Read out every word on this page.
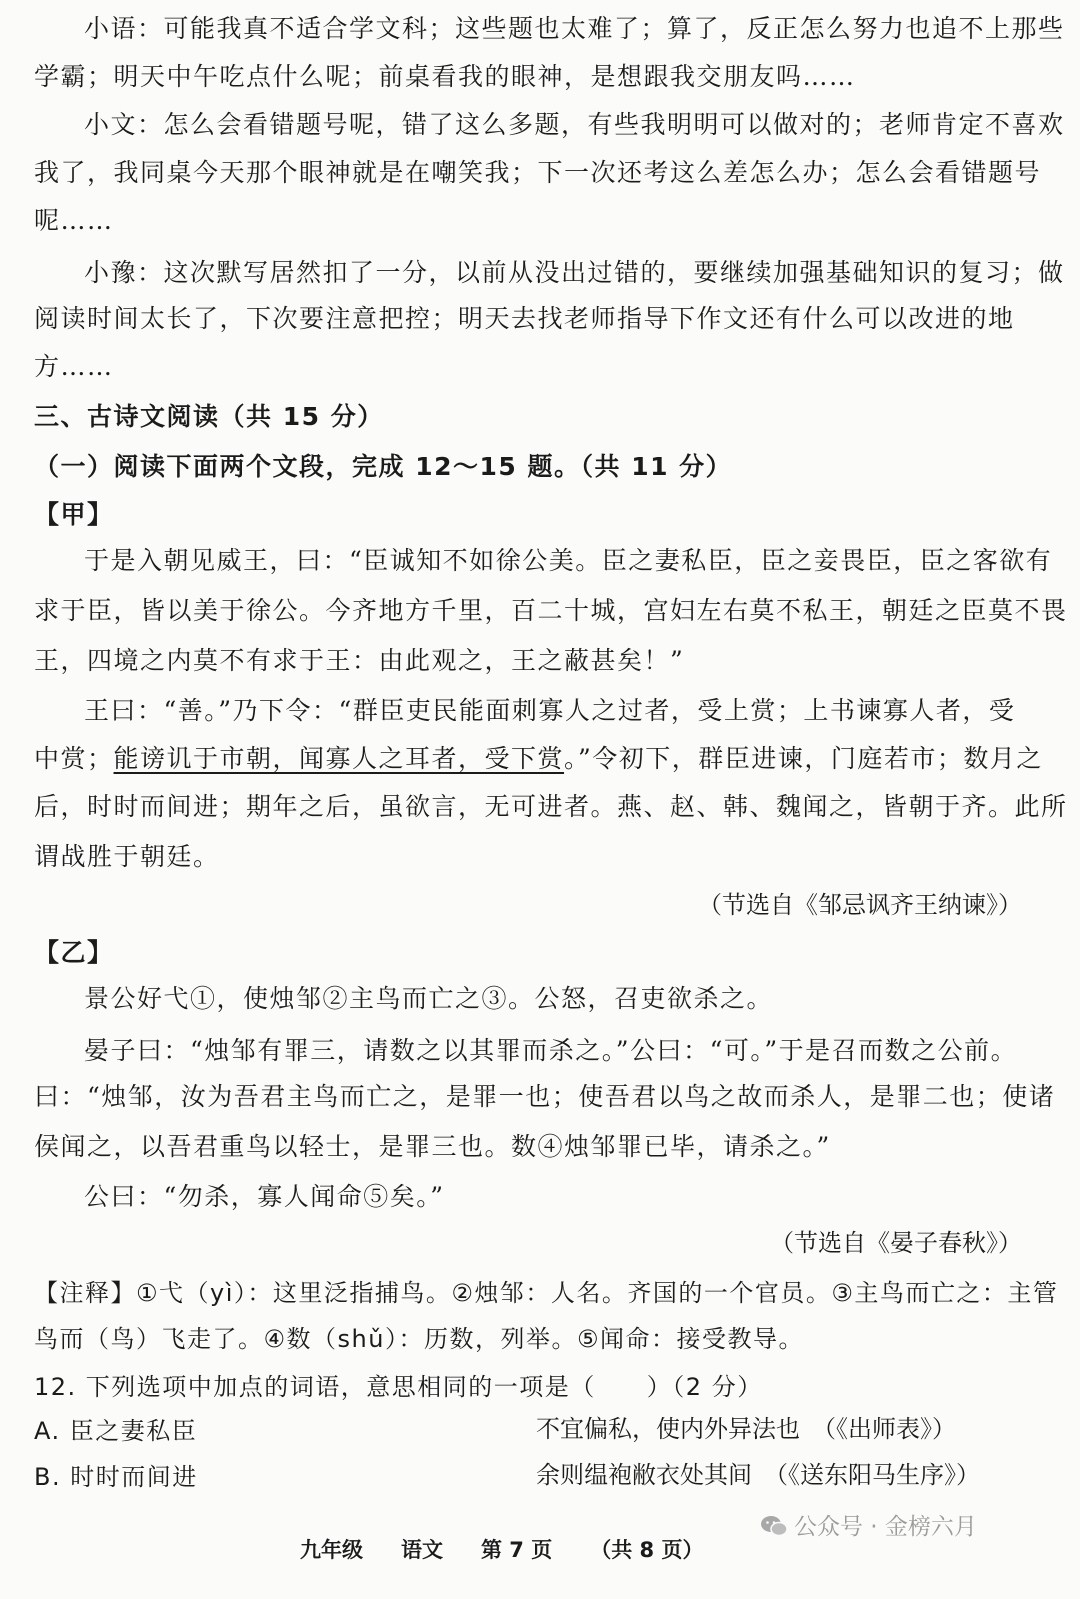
小语：可能我真不适合学文科；这些题也太难了；算了，反正怎么努力也追不上那些
学霸；明天中午吃点什么呢；前桌看我的眼神，是想跟我交朋友吗……
小文：怎么会看错题号呢，错了这么多题，有些我明明可以做对的；老师肯定不喜欢
我了，我同桌今天那个眼神就是在嘲笑我；下一次还考这么差怎么办；怎么会看错题号
呢……
小豫：这次默写居然扣了一分，以前从没出过错的，要继续加强基础知识的复习；做
阅读时间太长了，下次要注意把控；明天去找老师指导下作文还有什么可以改进的地
方……
三、古诗文阅读（共 15 分）
（一）阅读下面两个文段，完成 12～15 题。（共 11 分）
【甲】
于是入朝见威王，曰：“臣诚知不如徐公美。臣之妻私臣，臣之妾畏臣，臣之客欲有
求于臣，皆以美于徐公。今齐地方千里，百二十城，宫妇左右莫不私王，朝廷之臣莫不畏
王，四境之内莫不有求于王：由此观之，王之蔽甚矣！”
王曰：“善。”乃下令：“群臣吏民能面刺寡人之过者，受上赏；上书谏寡人者，受
中赏；能谤讥于市朝，闻寡人之耳者，受下赏。”令初下，群臣进谏，门庭若市；数月之
后，时时而间进；期年之后，虽欲言，无可进者。燕、赵、韩、魏闻之，皆朝于齐。此所
谓战胜于朝廷。
（节选自《邹忌讽齐王纳谏》）
【乙】
景公好弋①，使烛邹②主鸟而亡之③。公怒，召吏欲杀之。
晏子曰：“烛邹有罪三，请数之以其罪而杀之。”公曰：“可。”于是召而数之公前。
曰：“烛邹，汝为吾君主鸟而亡之，是罪一也；使吾君以鸟之故而杀人，是罪二也；使诸
侯闻之，以吾君重鸟以轻士，是罪三也。数④烛邹罪已毕，请杀之。”
公曰：“勿杀，寡人闻命⑤矣。”
（节选自《晏子春秋》）
【注释】①弋（yì）：这里泛指捕鸟。②烛邹：人名。齐国的一个官员。③主鸟而亡之：主管
鸟而（鸟）飞走了。④数（shǔ）：历数，列举。⑤闻命：接受教导。
12. 下列选项中加点的词语，意思相同的一项是（　　）（2 分）
A. 臣之妻私臣	不宜偏私，使内外异法也　（《出师表》）
B. 时时而间进	余则缊袍敝衣处其间　（《送东阳马生序》）
公众号 · 金榜六月
九年级 语文 第 7 页 （共 8 页）
